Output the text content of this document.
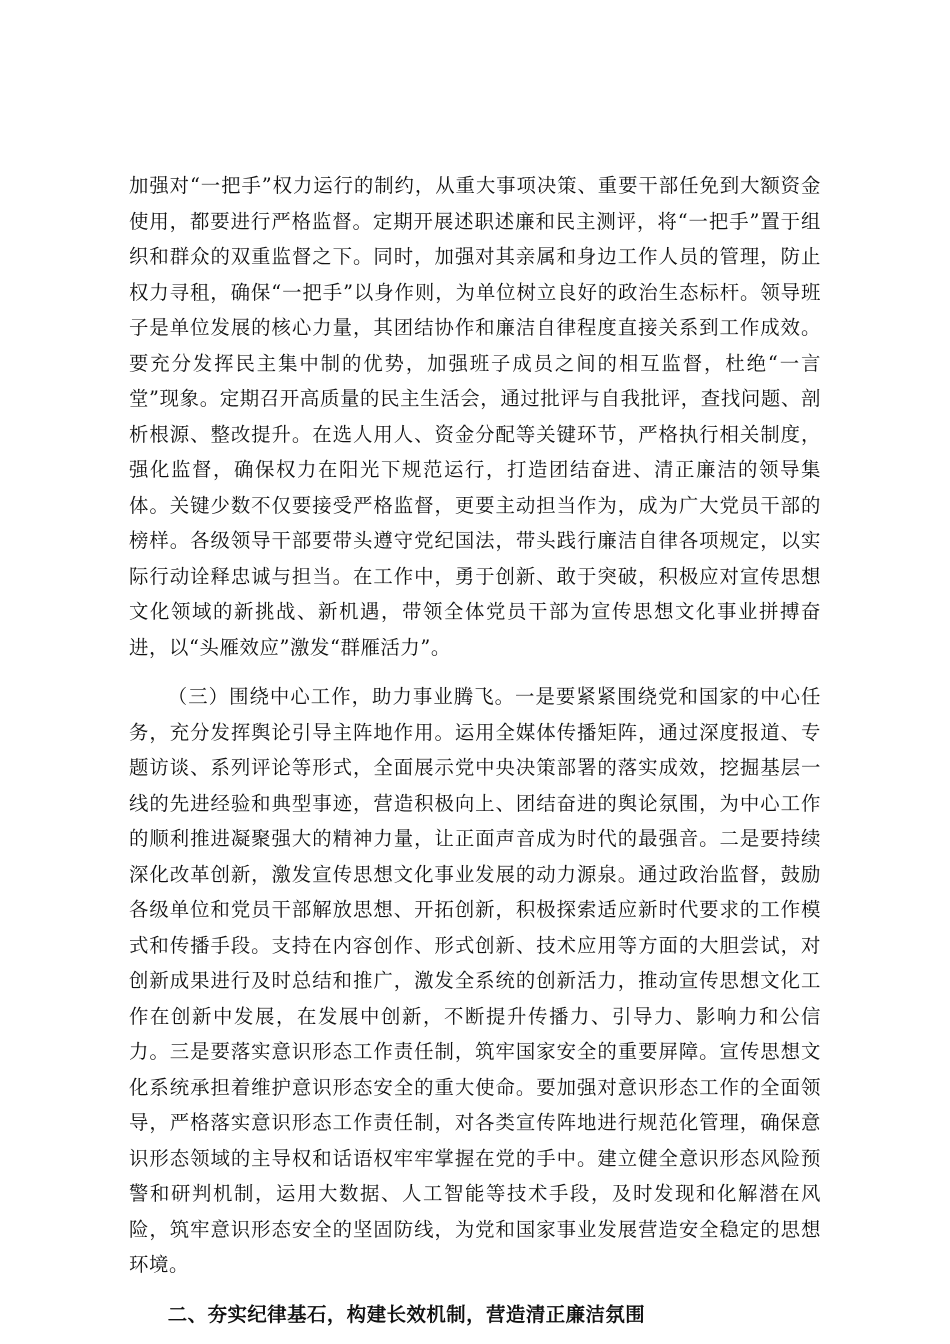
加强对“一把手”权力运行的制约，从重大事项决策、重要干部任免到大额资金使用，都要进行严格监督。定期开展述职述廉和民主测评，将“一把手”置于组织和群众的双重监督之下。同时，加强对其亲属和身边工作人员的管理，防止权力寻租，确保“一把手”以身作则，为单位树立良好的政治生态标杆。领导班子是单位发展的核心力量，其团结协作和廉洁自律程度直接关系到工作成效。要充分发挥民主集中制的优势，加强班子成员之间的相互监督，杜绝“一言堂”现象。定期召开高质量的民主生活会，通过批评与自我批评，查找问题、剖析根源、整改提升。在选人用人、资金分配等关键环节，严格执行相关制度，强化监督，确保权力在阳光下规范运行，打造团结奋进、清正廉洁的领导集体。关键少数不仅要接受严格监督，更要主动担当作为，成为广大党员干部的榜样。各级领导干部要带头遵守党纪国法，带头践行廉洁自律各项规定，以实际行动诠释忠诚与担当。在工作中，勇于创新、敢于突破，积极应对宣传思想文化领域的新挑战、新机遇，带领全体党员干部为宣传思想文化事业拼搏奋进，以“头雁效应”激发“群雁活力”。

（三）围绕中心工作，助力事业腾飞。一是要紧紧围绕党和国家的中心任务，充分发挥舆论引导主阵地作用。运用全媒体传播矩阵，通过深度报道、专题访谈、系列评论等形式，全面展示党中央决策部署的落实成效，挖掘基层一线的先进经验和典型事迹，营造积极向上、团结奋进的舆论氛围，为中心工作的顺利推进凝聚强大的精神力量，让正面声音成为时代的最强音。二是要持续深化改革创新，激发宣传思想文化事业发展的动力源泉。通过政治监督，鼓励各级单位和党员干部解放思想、开拓创新，积极探索适应新时代要求的工作模式和传播手段。支持在内容创作、形式创新、技术应用等方面的大胆尝试，对创新成果进行及时总结和推广，激发全系统的创新活力，推动宣传思想文化工作在创新中发展，在发展中创新，不断提升传播力、引导力、影响力和公信力。三是要落实意识形态工作责任制，筑牢国家安全的重要屏障。宣传思想文化系统承担着维护意识形态安全的重大使命。要加强对意识形态工作的全面领导，严格落实意识形态工作责任制，对各类宣传阵地进行规范化管理，确保意识形态领域的主导权和话语权牢牢掌握在党的手中。建立健全意识形态风险预警和研判机制，运用大数据、人工智能等技术手段，及时发现和化解潜在风险，筑牢意识形态安全的坚固防线，为党和国家事业发展营造安全稳定的思想环境。

二、夯实纪律基石，构建长效机制，营造清正廉洁氛围
